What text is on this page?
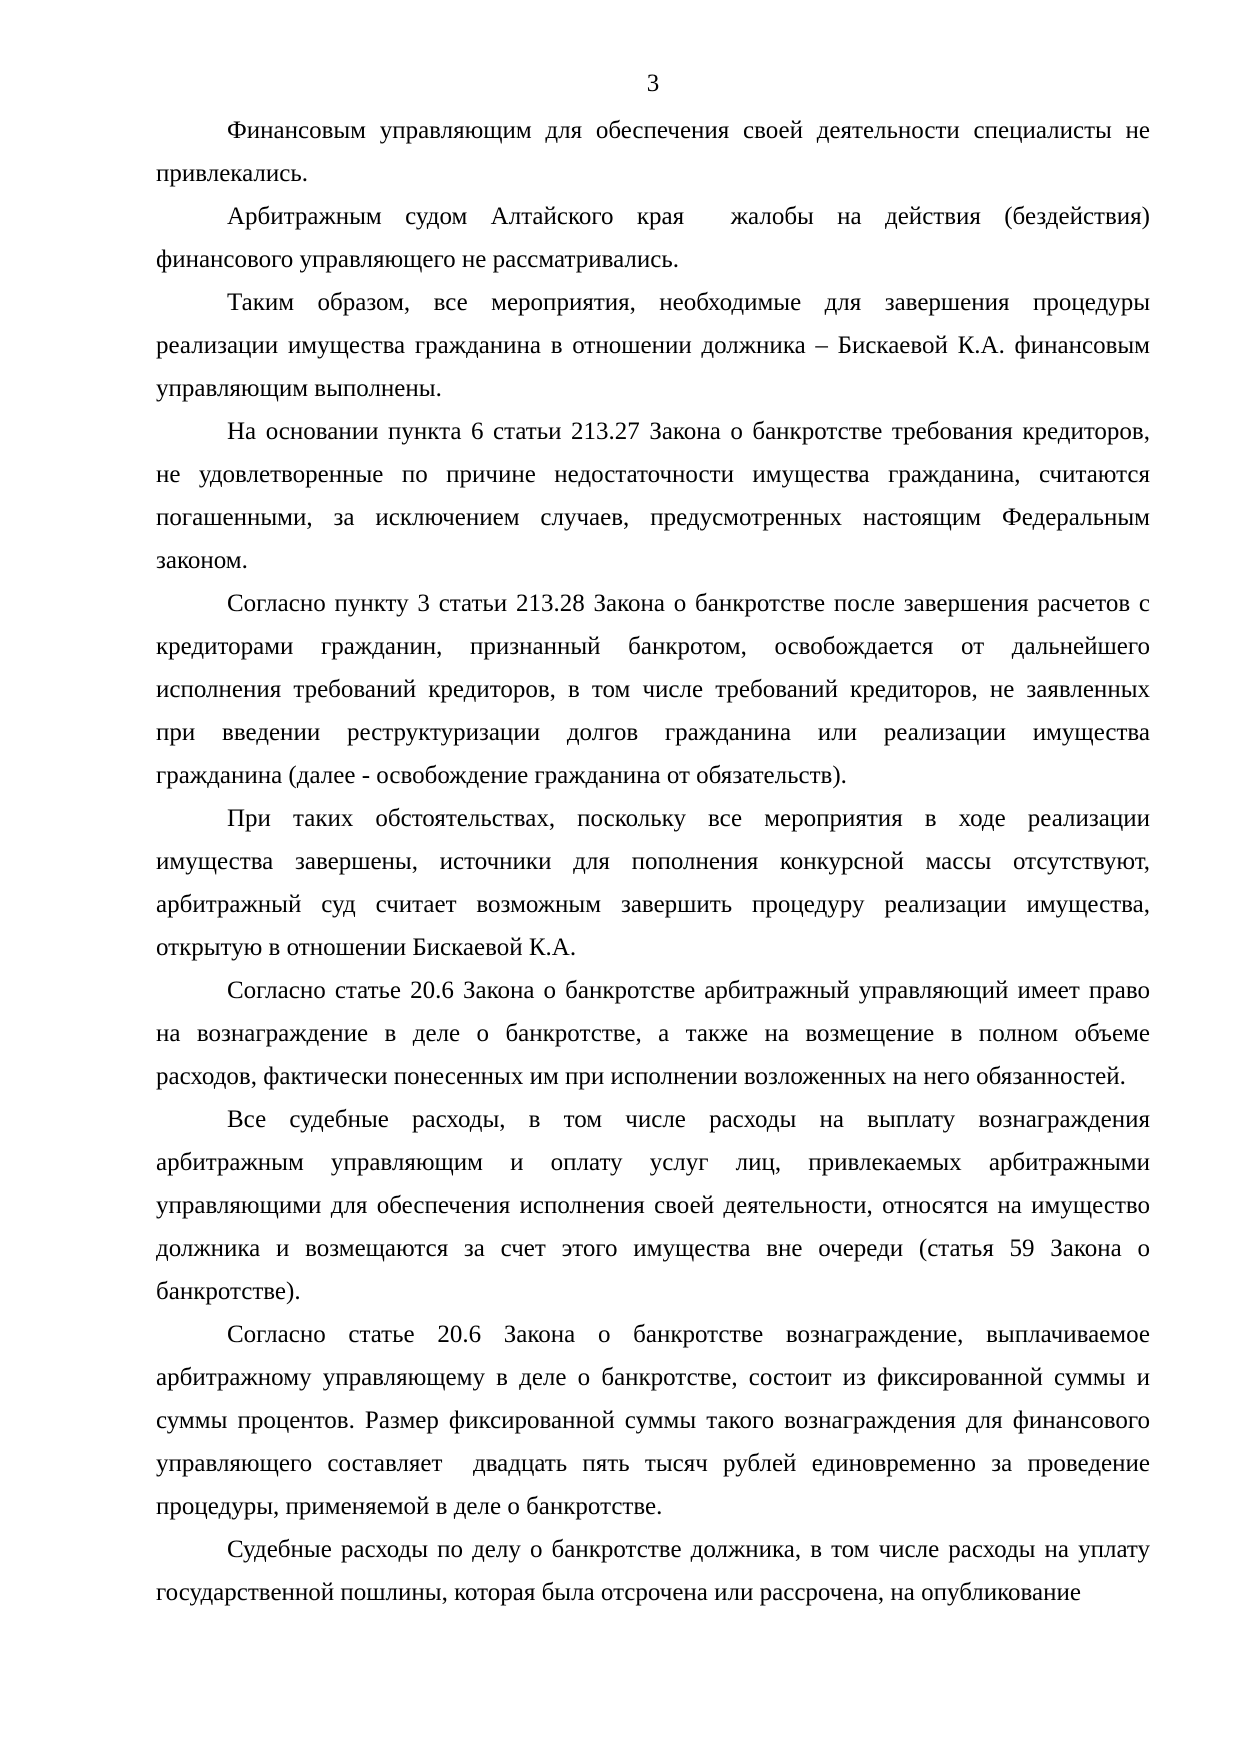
3

Финансовым управляющим для обеспечения своей деятельности специалисты не
привлекались.

Арбитражным судом Алтайского края  жалобы на действия (бездействия)
финансового управляющего не рассматривались.

Таким образом, все мероприятия, необходимые для завершения процедуры
реализации имущества гражданина в отношении должника – Бискаевой К.А. финансовым
управляющим выполнены.

На основании пункта 6 статьи 213.27 Закона о банкротстве требования кредиторов,
не удовлетворенные по причине недостаточности имущества гражданина, считаются
погашенными, за исключением случаев, предусмотренных настоящим Федеральным
законом.

Согласно пункту 3 статьи 213.28 Закона о банкротстве после завершения расчетов с
кредиторами гражданин, признанный банкротом, освобождается от дальнейшего
исполнения требований кредиторов, в том числе требований кредиторов, не заявленных
при введении реструктуризации долгов гражданина или реализации имущества
гражданина (далее - освобождение гражданина от обязательств).

При таких обстоятельствах, поскольку все мероприятия в ходе реализации
имущества завершены, источники для пополнения конкурсной массы отсутствуют,
арбитражный суд считает возможным завершить процедуру реализации имущества,
открытую в отношении Бискаевой К.А.

Согласно статье 20.6 Закона о банкротстве арбитражный управляющий имеет право
на вознаграждение в деле о банкротстве, а также на возмещение в полном объеме
расходов, фактически понесенных им при исполнении возложенных на него обязанностей.

Все судебные расходы, в том числе расходы на выплату вознаграждения
арбитражным управляющим и оплату услуг лиц, привлекаемых арбитражными
управляющими для обеспечения исполнения своей деятельности, относятся на имущество
должника и возмещаются за счет этого имущества вне очереди (статья 59 Закона о
банкротстве).

Согласно статье 20.6 Закона о банкротстве вознаграждение, выплачиваемое
арбитражному управляющему в деле о банкротстве, состоит из фиксированной суммы и
суммы процентов. Размер фиксированной суммы такого вознаграждения для финансового
управляющего составляет  двадцать пять тысяч рублей единовременно за проведение
процедуры, применяемой в деле о банкротстве.

Судебные расходы по делу о банкротстве должника, в том числе расходы на уплату
государственной пошлины, которая была отсрочена или рассрочена, на опубликование
